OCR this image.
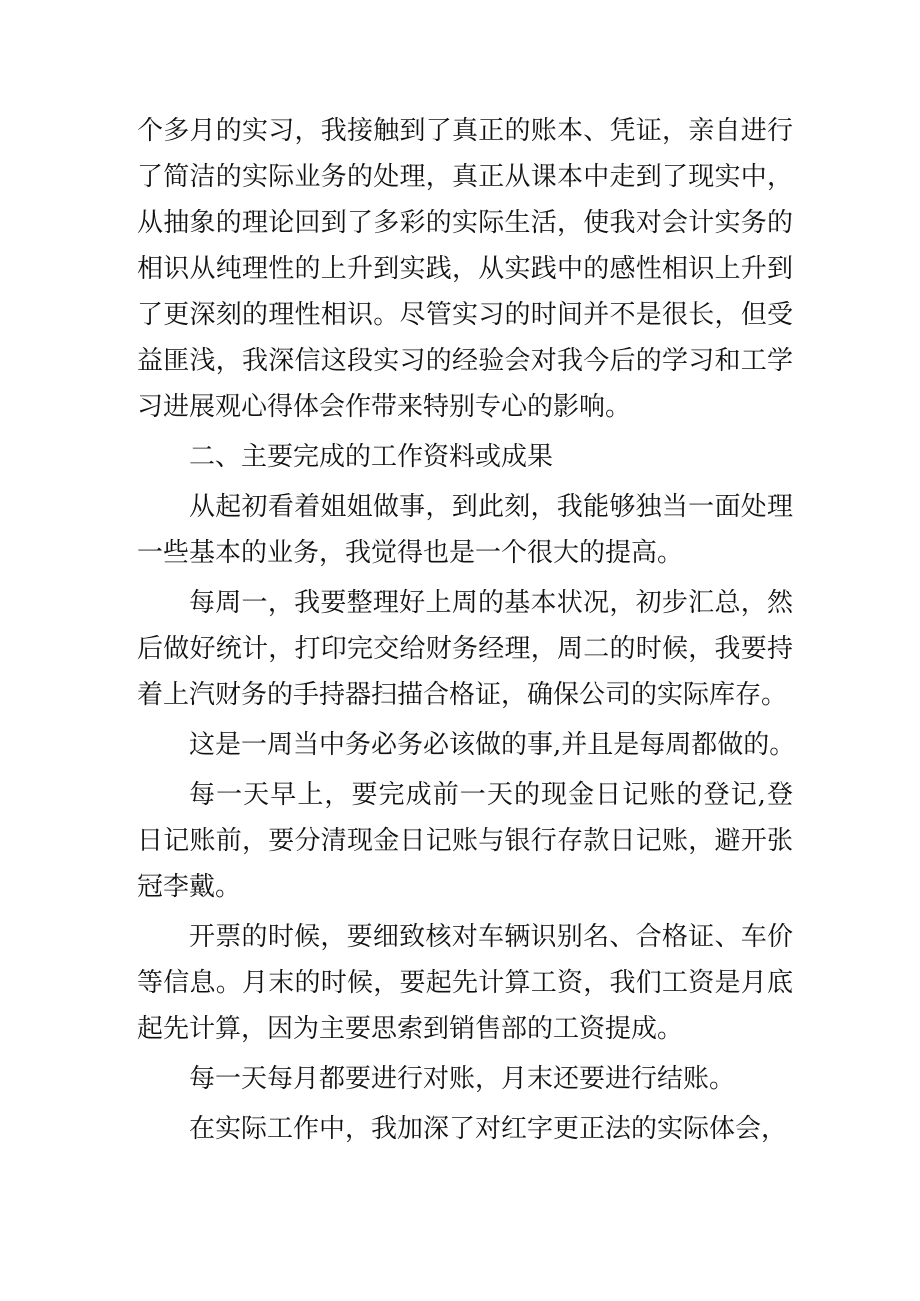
个多月的实习，我接触到了真正的账本、凭证，亲自进行
了简洁的实际业务的处理，真正从课本中走到了现实中，
从抽象的理论回到了多彩的实际生活，使我对会计实务的
相识从纯理性的上升到实践，从实践中的感性相识上升到
了更深刻的理性相识。尽管实习的时间并不是很长，但受
益匪浅，我深信这段实习的经验会对我今后的学习和工学
习进展观心得体会作带来特别专心的影响。
二、主要完成的工作资料或成果
从起初看着姐姐做事，到此刻，我能够独当一面处理
一些基本的业务，我觉得也是一个很大的提高。
每周一，我要整理好上周的基本状况，初步汇总，然
后做好统计，打印完交给财务经理，周二的时候，我要持
着上汽财务的手持器扫描合格证，确保公司的实际库存。
这是一周当中务必务必该做的事,并且是每周都做的。
每一天早上，要完成前一天的现金日记账的登记,登
日记账前，要分清现金日记账与银行存款日记账，避开张
冠李戴。
开票的时候，要细致核对车辆识别名、合格证、车价
等信息。月末的时候，要起先计算工资，我们工资是月底
起先计算，因为主要思索到销售部的工资提成。
每一天每月都要进行对账，月末还要进行结账。
在实际工作中，我加深了对红字更正法的实际体会，
